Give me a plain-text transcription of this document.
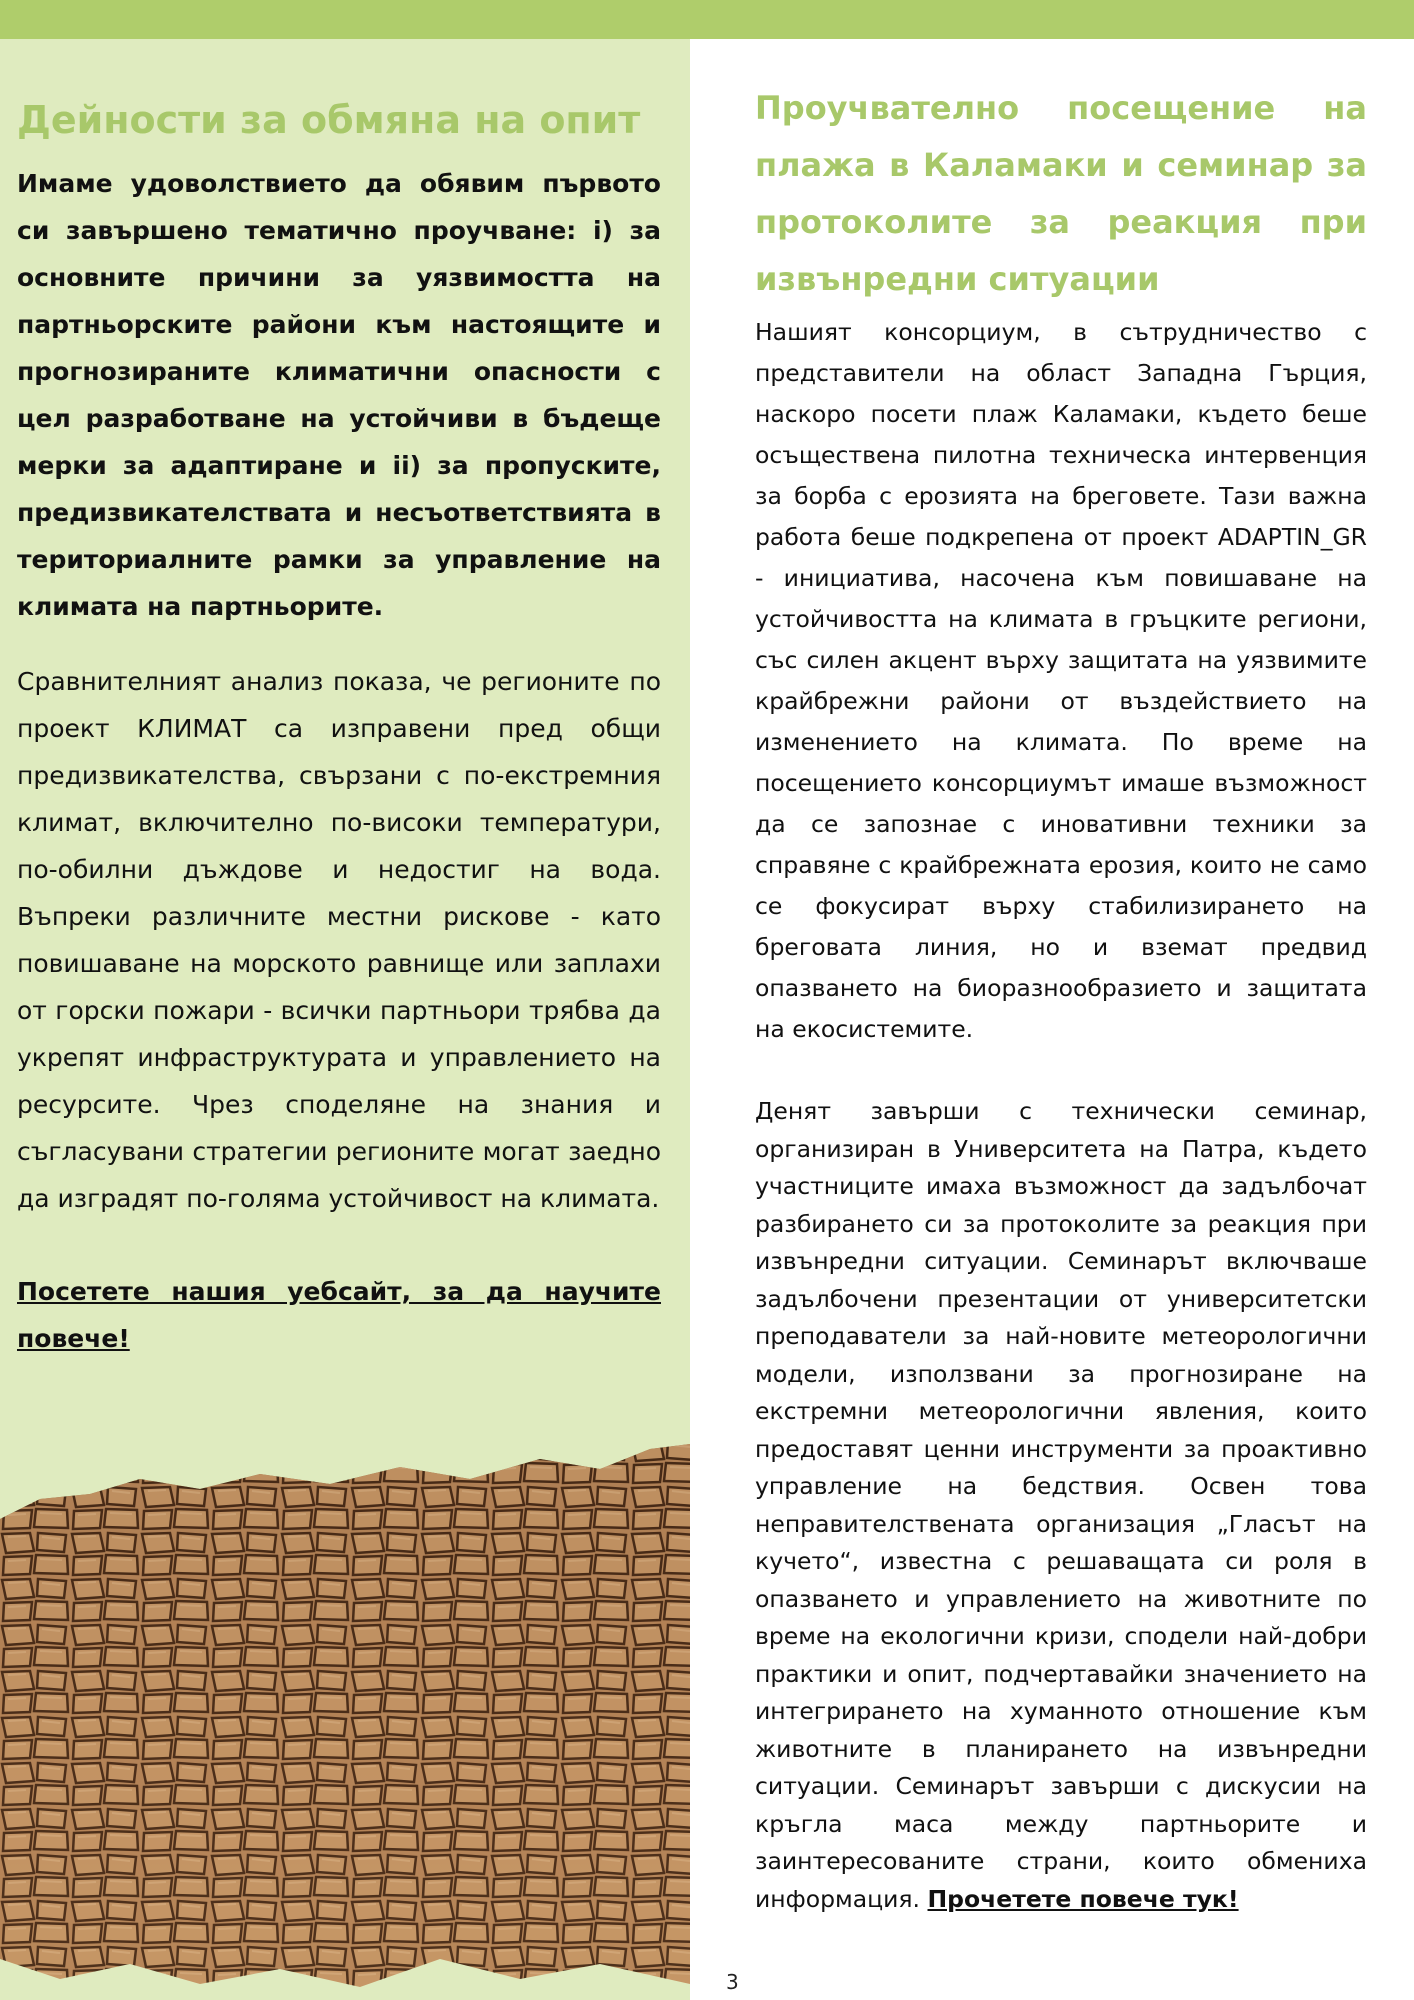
Дейности за обмяна на опит

Имаме удоволствието да обявим първото си завършено тематично проучване: i) за основните причини за уязвимостта на партньорските райони към настоящите и прогнозираните климатични опасности с цел разработване на устойчиви в бъдеще мерки за адаптиране и ii) за пропуските, предизвикателствата и несъответствията в териториалните рамки за управление на климата на партньорите.

Сравнителният анализ показа, че регионите по проект КЛИМАТ са изправени пред общи предизвикателства, свързани с по-екстремния климат, включително по-високи температури, по-обилни дъждове и недостиг на вода. Въпреки различните местни рискове - като повишаване на морското равнище или заплахи от горски пожари - всички партньори трябва да укрепят инфраструктурата и управлението на ресурсите. Чрез споделяне на знания и съгласувани стратегии регионите могат заедно да изградят по-голяма устойчивост на климата.

Посетете нашия уебсайт, за да научите повече!

Проучвателно посещение на плажа в Каламаки и семинар за протоколите за реакция при извънредни ситуации

Нашият консорциум, в сътрудничество с представители на област Западна Гърция, наскоро посети плаж Каламаки, където беше осъществена пилотна техническа интервенция за борба с ерозията на бреговете. Тази важна работа беше подкрепена от проект ADAPTIN_GR - инициатива, насочена към повишаване на устойчивостта на климата в гръцките региони, със силен акцент върху защитата на уязвимите крайбрежни райони от въздействието на изменението на климата. По време на посещението консорциумът имаше възможност да се запознае с иновативни техники за справяне с крайбрежната ерозия, които не само се фокусират върху стабилизирането на бреговата линия, но и вземат предвид опазването на биоразнообразието и защитата на екосистемите.

Денят завърши с технически семинар, организиран в Университета на Патра, където участниците имаха възможност да задълбочат разбирането си за протоколите за реакция при извънредни ситуации. Семинарът включваше задълбочени презентации от университетски преподаватели за най-новите метеорологични модели, използвани за прогнозиране на екстремни метеорологични явления, които предоставят ценни инструменти за проактивно управление на бедствия. Освен това неправителствената организация „Гласът на кучето“, известна с решаващата си роля в опазването и управлението на животните по време на екологични кризи, сподели най-добри практики и опит, подчертавайки значението на интегрирането на хуманното отношение към животните в планирането на извънредни ситуации. Семинарът завърши с дискусии на кръгла маса между партньорите и заинтересованите страни, които обмениха информация. Прочетете повече тук!

3
